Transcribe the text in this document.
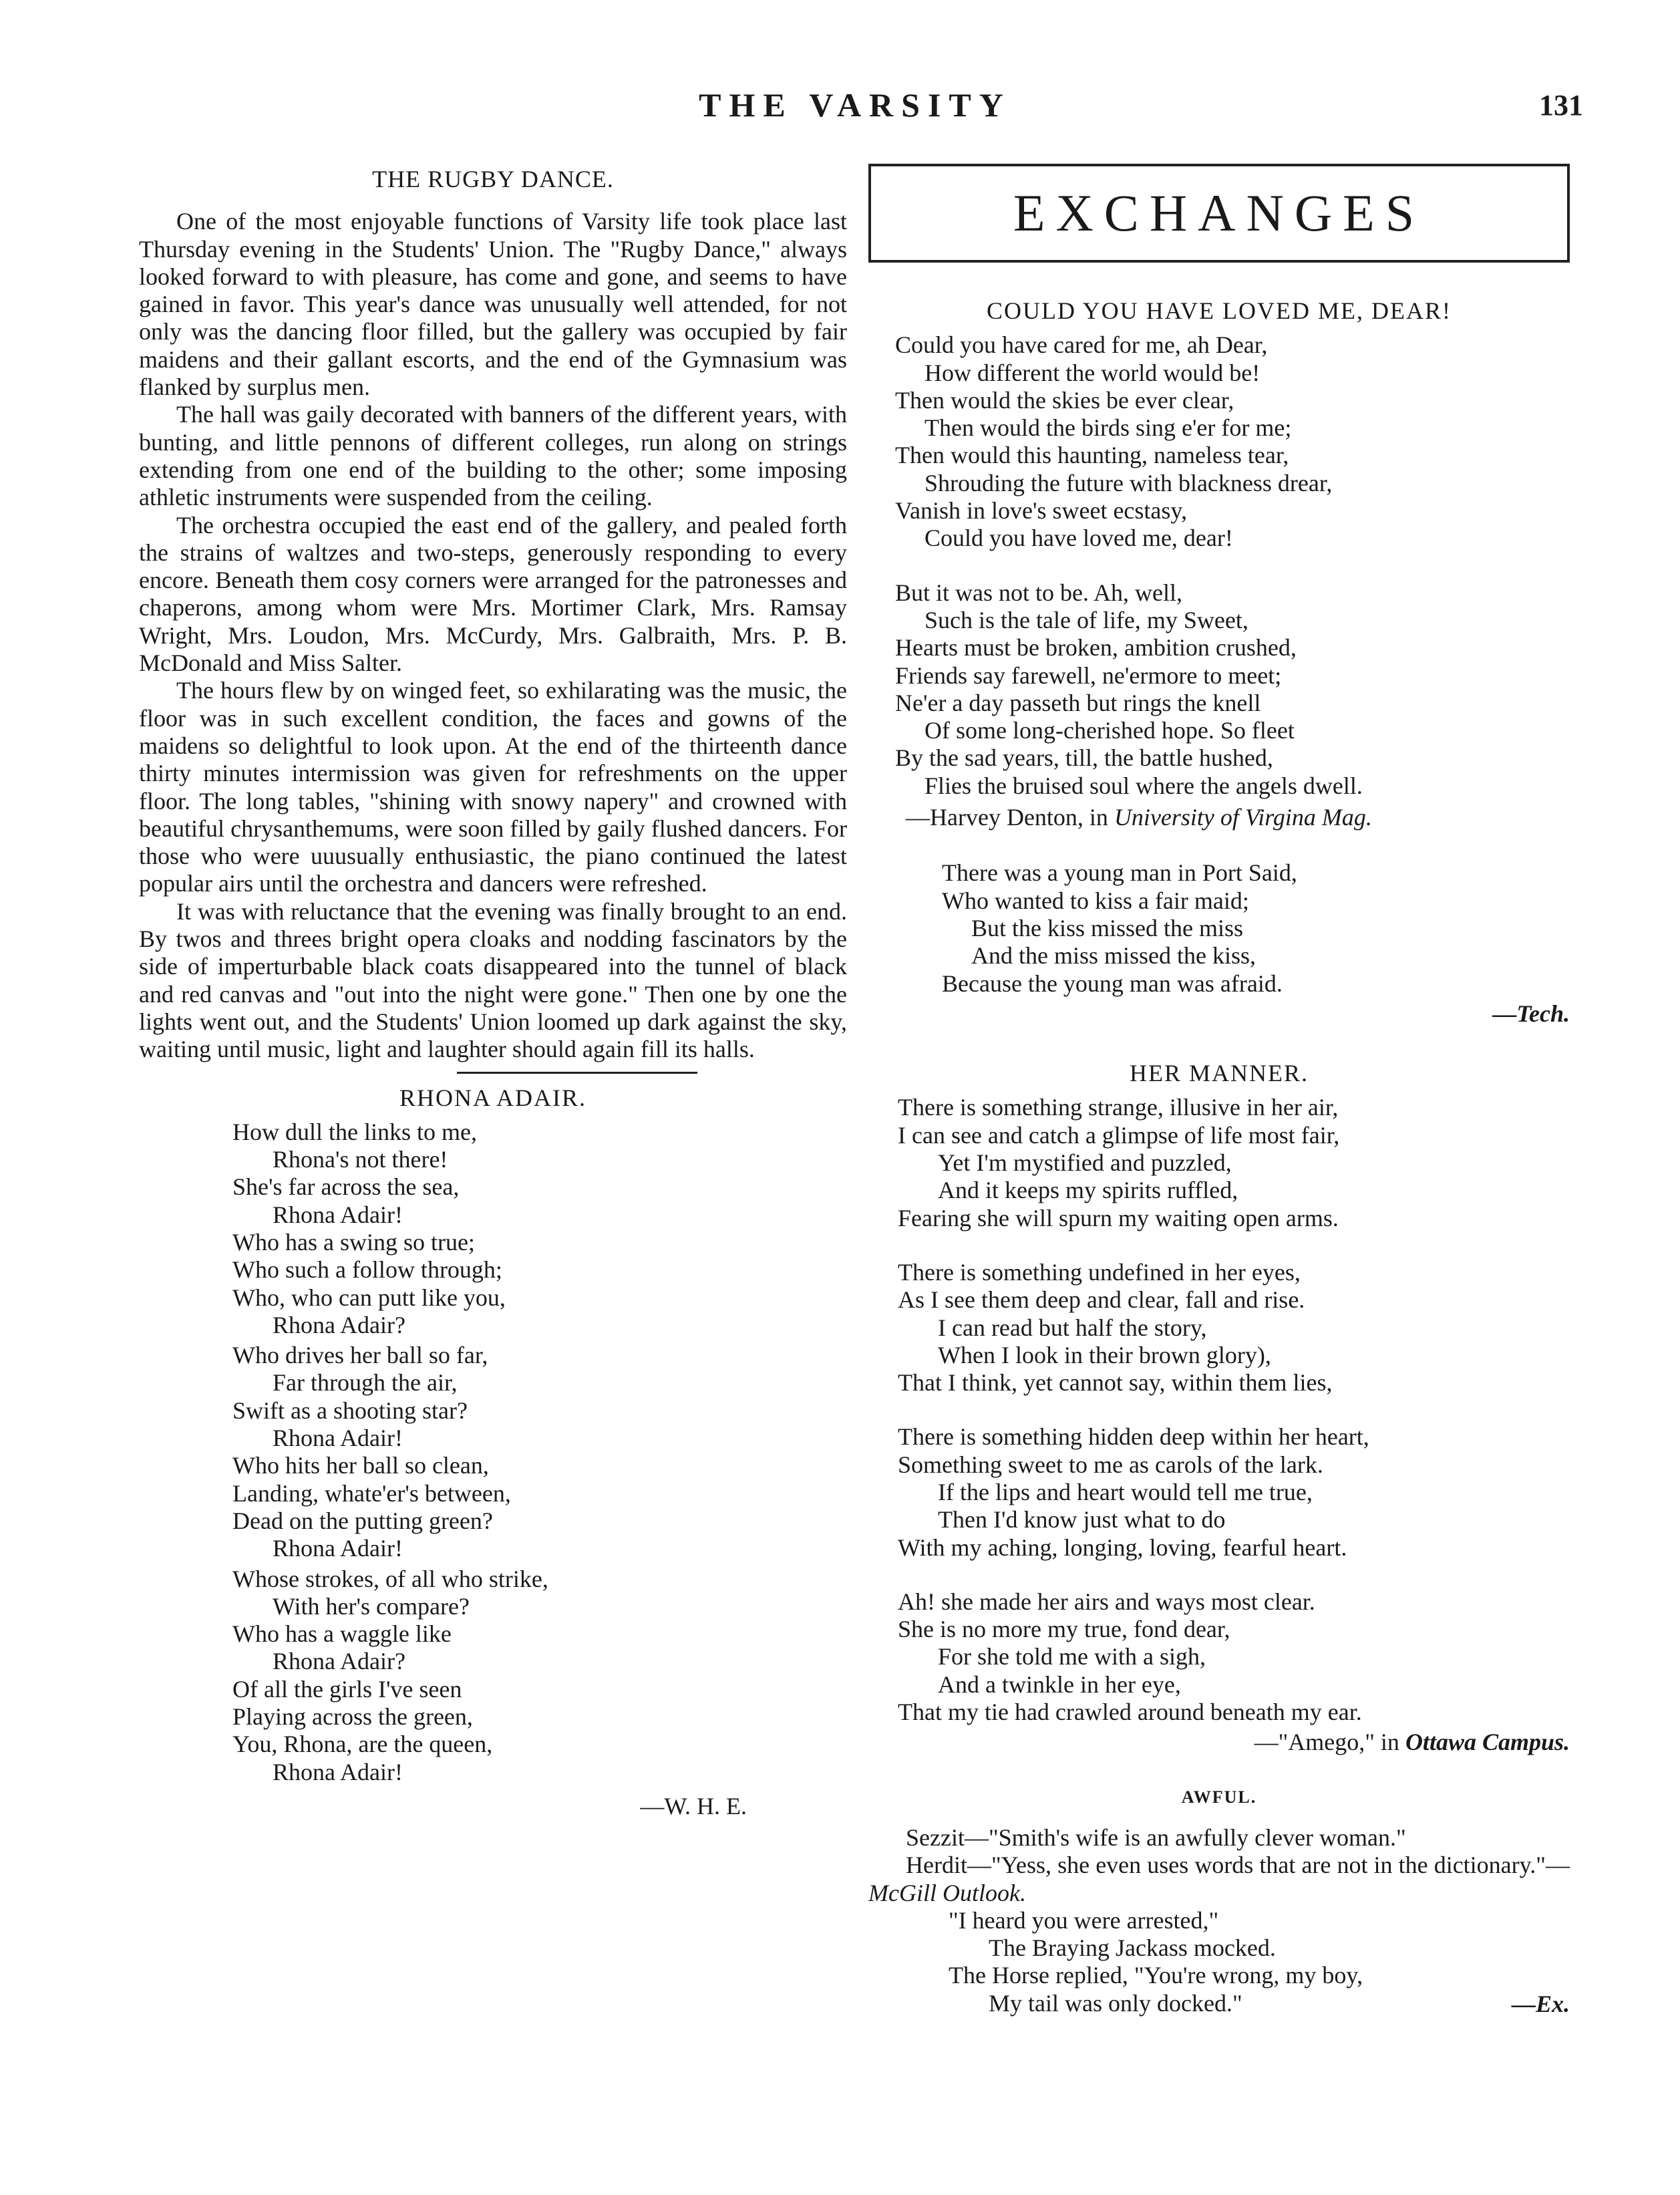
THE VARSITY	131
THE RUGBY DANCE.

One of the most enjoyable functions of Varsity life took place last Thursday evening in the Students' Union. The "Rugby Dance," always looked forward to with pleasure, has come and gone, and seems to have gained in favor. This year's dance was unusually well attended, for not only was the dancing floor filled, but the gallery was occupied by fair maidens and their gallant escorts, and the end of the Gymnasium was flanked by surplus men.

The hall was gaily decorated with banners of the different years, with bunting, and little pennons of different colleges, run along on strings extending from one end of the building to the other; some imposing athletic instruments were suspended from the ceiling.

The orchestra occupied the east end of the gallery, and pealed forth the strains of waltzes and two-steps, generously responding to every encore. Beneath them cosy corners were arranged for the patronesses and chaperons, among whom were Mrs. Mortimer Clark, Mrs. Ramsay Wright, Mrs. Loudon, Mrs. McCurdy, Mrs. Galbraith, Mrs. P. B. McDonald and Miss Salter.

The hours flew by on winged feet, so exhilarating was the music, the floor was in such excellent condition, the faces and gowns of the maidens so delightful to look upon. At the end of the thirteenth dance thirty minutes intermission was given for refreshments on the upper floor. The long tables, "shining with snowy napery" and crowned with beautiful chrysanthemums, were soon filled by gaily flushed dancers. For those who were uuusually enthusiastic, the piano continued the latest popular airs until the orchestra and dancers were refreshed.

It was with reluctance that the evening was finally brought to an end. By twos and threes bright opera cloaks and nodding fascinators by the side of imperturbable black coats disappeared into the tunnel of black and red canvas and "out into the night were gone." Then one by one the lights went out, and the Students' Union loomed up dark against the sky, waiting until music, light and laughter should again fill its halls.

RHONA ADAIR.
How dull the links to me,
Rhona's not there!
She's far across the sea,
Rhona Adair!
Who has a swing so true;
Who such a follow through;
Who, who can putt like you,
Rhona Adair?
Who drives her ball so far,
Far through the air,
Swift as a shooting star?
Rhona Adair!
Who hits her ball so clean,
Landing, whate'er's between,
Dead on the putting green?
Rhona Adair!
Whose strokes, of all who strike,
With her's compare?
Who has a waggle like
Rhona Adair?
Of all the girls I've seen
Playing across the green,
You, Rhona, are the queen,
Rhona Adair!
—W. H. E.
EXCHANGES
COULD YOU HAVE LOVED ME, DEAR!
Could you have cared for me, ah Dear,
How different the world would be!
Then would the skies be ever clear,
Then would the birds sing e'er for me;
Then would this haunting, nameless tear,
Shrouding the future with blackness drear,
Vanish in love's sweet ecstasy,
Could you have loved me, dear!
But it was not to be. Ah, well,
Such is the tale of life, my Sweet,
Hearts must be broken, ambition crushed,
Friends say farewell, ne'ermore to meet;
Ne'er a day passeth but rings the knell
Of some long-cherished hope. So fleet
By the sad years, till, the battle hushed,
Flies the bruised soul where the angels dwell.
—Harvey Denton, in University of Virgina Mag.
There was a young man in Port Said,
Who wanted to kiss a fair maid;
But the kiss missed the miss
And the miss missed the kiss,
Because the young man was afraid.
—Tech.
HER MANNER.
There is something strange, illusive in her air,
I can see and catch a glimpse of life most fair,
Yet I'm mystified and puzzled,
And it keeps my spirits ruffled,
Fearing she will spurn my waiting open arms.
There is something undefined in her eyes,
As I see them deep and clear, fall and rise.
I can read but half the story,
When I look in their brown glory),
That I think, yet cannot say, within them lies,
There is something hidden deep within her heart,
Something sweet to me as carols of the lark.
If the lips and heart would tell me true,
Then I'd know just what to do
With my aching, longing, loving, fearful heart.
Ah! she made her airs and ways most clear.
She is no more my true, fond dear,
For she told me with a sigh,
And a twinkle in her eye,
That my tie had crawled around beneath my ear.
—"Amego," in Ottawa Campus.
AWFUL.

Sezzit—"Smith's wife is an awfully clever woman."

Herdit—"Yess, she even uses words that are not in the dictionary."—McGill Outlook.

"I heard you were arrested,"
The Braying Jackass mocked.
The Horse replied, "You're wrong, my boy,
My tail was only docked."	—Ex.
